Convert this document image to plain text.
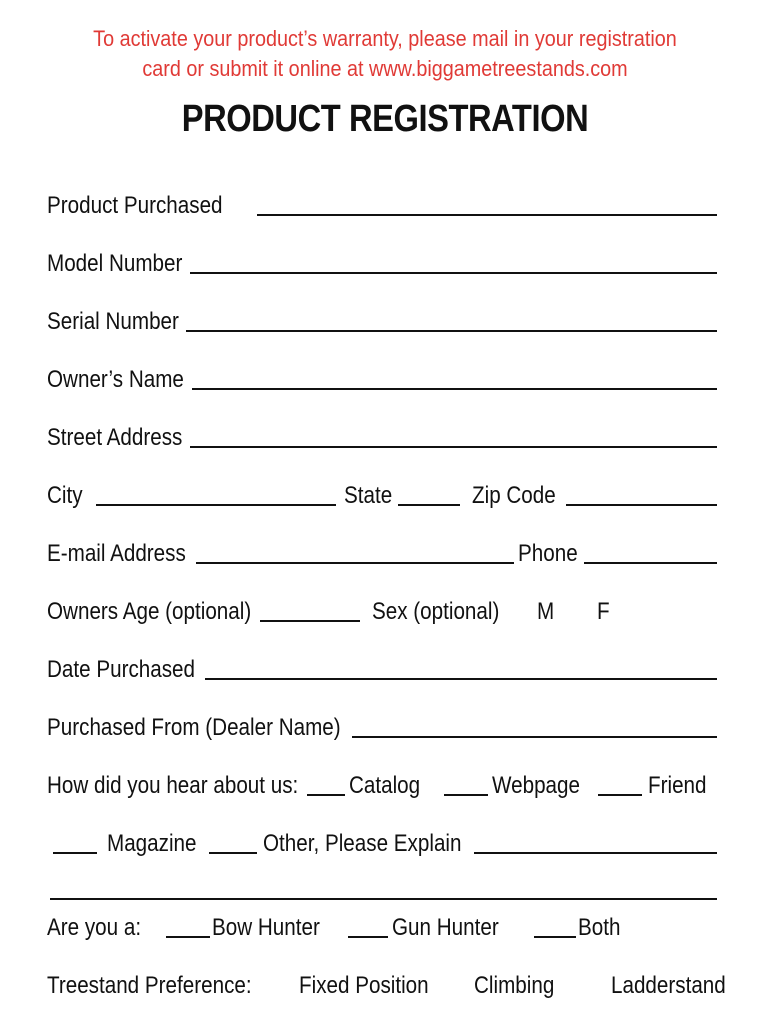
To activate your product’s warranty, please mail in your registration
card or submit it online at www.biggametreestands.com
PRODUCT REGISTRATION
Product Purchased
Model Number
Serial Number
Owner’s Name
Street Address
City	State	Zip Code
E-mail Address	Phone
Owners Age (optional)	Sex (optional) M F
Date Purchased
Purchased From (Dealer Name)
How did you hear about us: Catalog	Webpage	Friend
Magazine	Other, Please Explain
Are you a:	Bow Hunter	Gun Hunter	Both
Treestand Preference: Fixed Position Climbing Ladderstand
